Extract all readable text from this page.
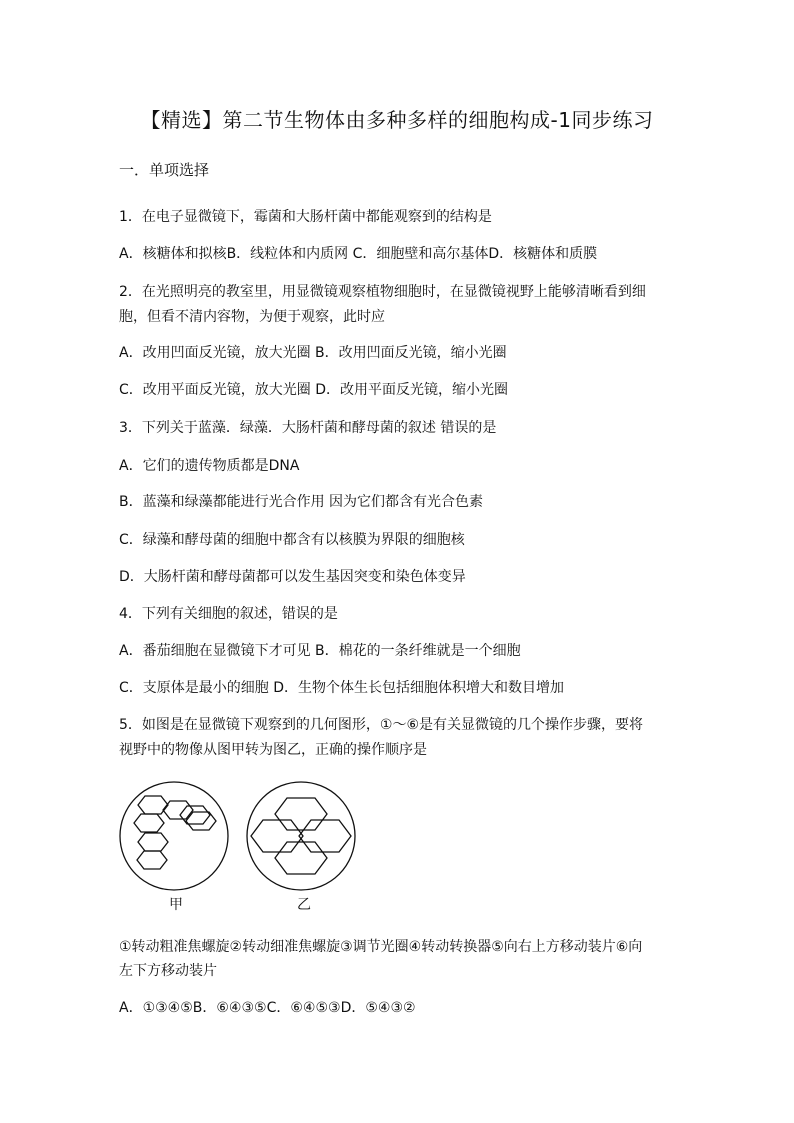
【精选】第二节生物体由多种多样的细胞构成-1同步练习
一．单项选择
1．在电子显微镜下，霉菌和大肠杆菌中都能观察到的结构是
A．核糖体和拟核B．线粒体和内质网 C．细胞壁和高尔基体D．核糖体和质膜
2．在光照明亮的教室里，用显微镜观察植物细胞时，在显微镜视野上能够清晰看到细
胞，但看不清内容物，为便于观察，此时应
A．改用凹面反光镜，放大光圈 B．改用凹面反光镜，缩小光圈
C．改用平面反光镜，放大光圈 D．改用平面反光镜，缩小光圈
3．下列关于蓝藻．绿藻．大肠杆菌和酵母菌的叙述 错误的是
A．它们的遗传物质都是DNA
B．蓝藻和绿藻都能进行光合作用 因为它们都含有光合色素
C．绿藻和酵母菌的细胞中都含有以核膜为界限的细胞核
D．大肠杆菌和酵母菌都可以发生基因突变和染色体变异
4．下列有关细胞的叙述，错误的是
A．番茄细胞在显微镜下才可见 B．棉花的一条纤维就是一个细胞
C．支原体是最小的细胞 D．生物个体生长包括细胞体积增大和数目增加
5．如图是在显微镜下观察到的几何图形，①～⑥是有关显微镜的几个操作步骤，要将
视野中的物像从图甲转为图乙，正确的操作顺序是
甲	乙
①转动粗准焦螺旋②转动细准焦螺旋③调节光圈④转动转换器⑤向右上方移动装片⑥向
左下方移动装片
A．①③④⑤B．⑥④③⑤C．⑥④⑤③D．⑤④③②
